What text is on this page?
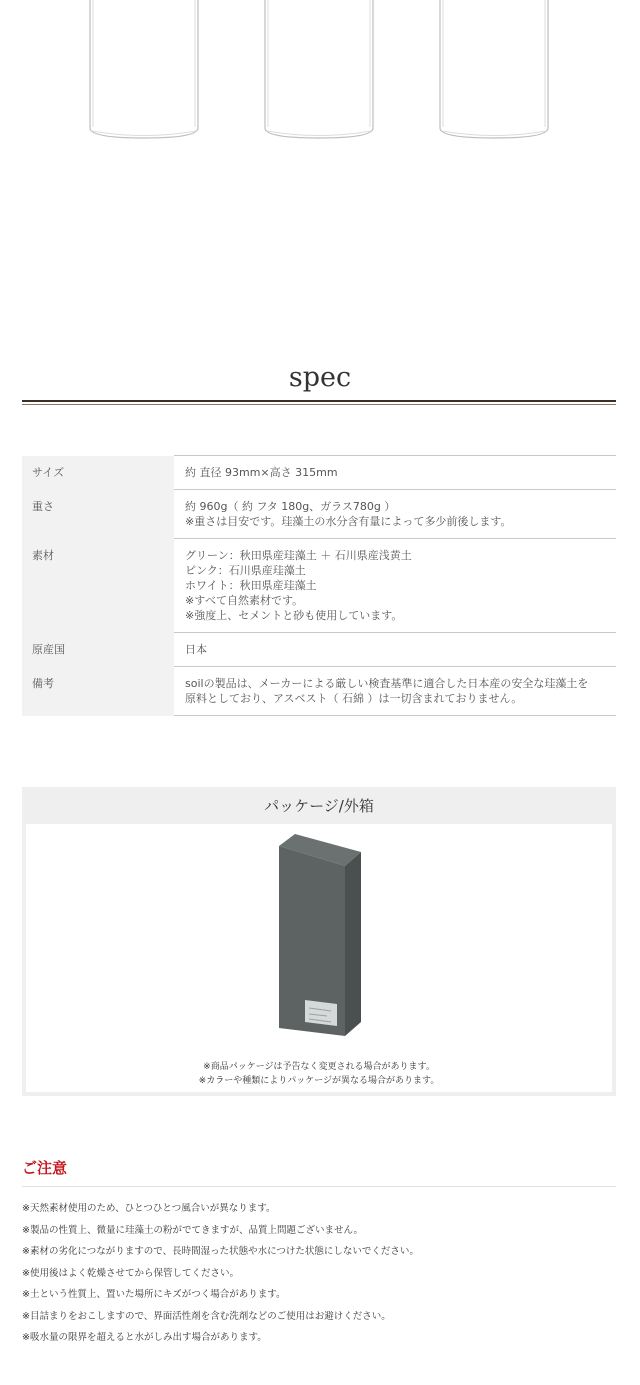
spec
サイズ	約 直径 93mm×高さ 315mm

重さ	約 960g（ 約 フタ 180g、ガラス780g ）
※重さは目安です。珪藻土の水分含有量によって多少前後します。

素材	グリーン：秋田県産珪藻土 ＋ 石川県産浅黄土
ピンク：石川県産珪藻土
ホワイト：秋田県産珪藻土
※すべて自然素材です。
※強度上、セメントと砂も使用しています。

原産国	日本

備考	soilの製品は、メーカーによる厳しい検査基準に適合した日本産の安全な珪藻土を
原料としており、アスベスト（ 石綿 ）は一切含まれておりません。
パッケージ/外箱
※商品パッケージは予告なく変更される場合があります。
※カラーや種類によりパッケージが異なる場合があります。
ご注意
※天然素材使用のため、ひとつひとつ風合いが異なります。
※製品の性質上、微量に珪藻土の粉がでてきますが、品質上問題ございません。
※素材の劣化につながりますので、長時間湿った状態や水につけた状態にしないでください。
※使用後はよく乾燥させてから保管してください。
※土という性質上、置いた場所にキズがつく場合があります。
※目詰まりをおこしますので、界面活性剤を含む洗剤などのご使用はお避けください。
※吸水量の限界を超えると水がしみ出す場合があります。
